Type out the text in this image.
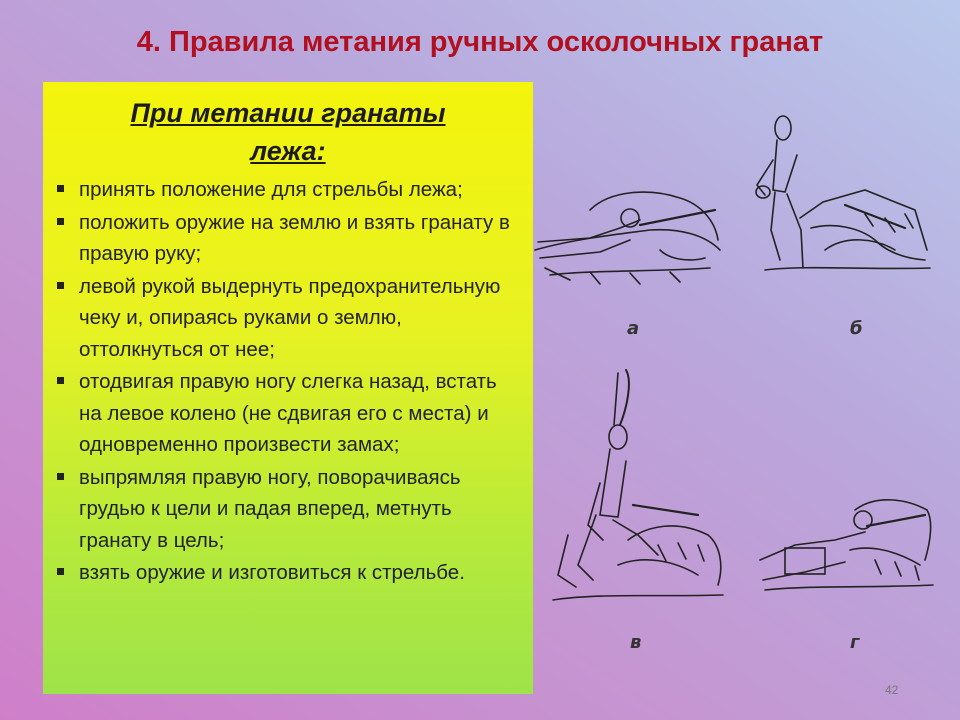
4. Правила метания ручных осколочных гранат
При метании гранаты
лежа:
принять положение для стрельбы лежа;
положить оружие на землю и взять гранату в правую руку;
левой рукой выдернуть предохранительную чеку и, опираясь руками о землю, оттолкнуться от нее;
отодвигая правую ногу слегка назад, встать на левое колено (не сдвигая его с места) и одновременно произвести замах;
выпрямляя правую ногу, поворачиваясь грудью к цели и падая вперед, метнуть гранату в цель;
взять оружие и изготовиться к стрельбе.
а	б
в	г
42
